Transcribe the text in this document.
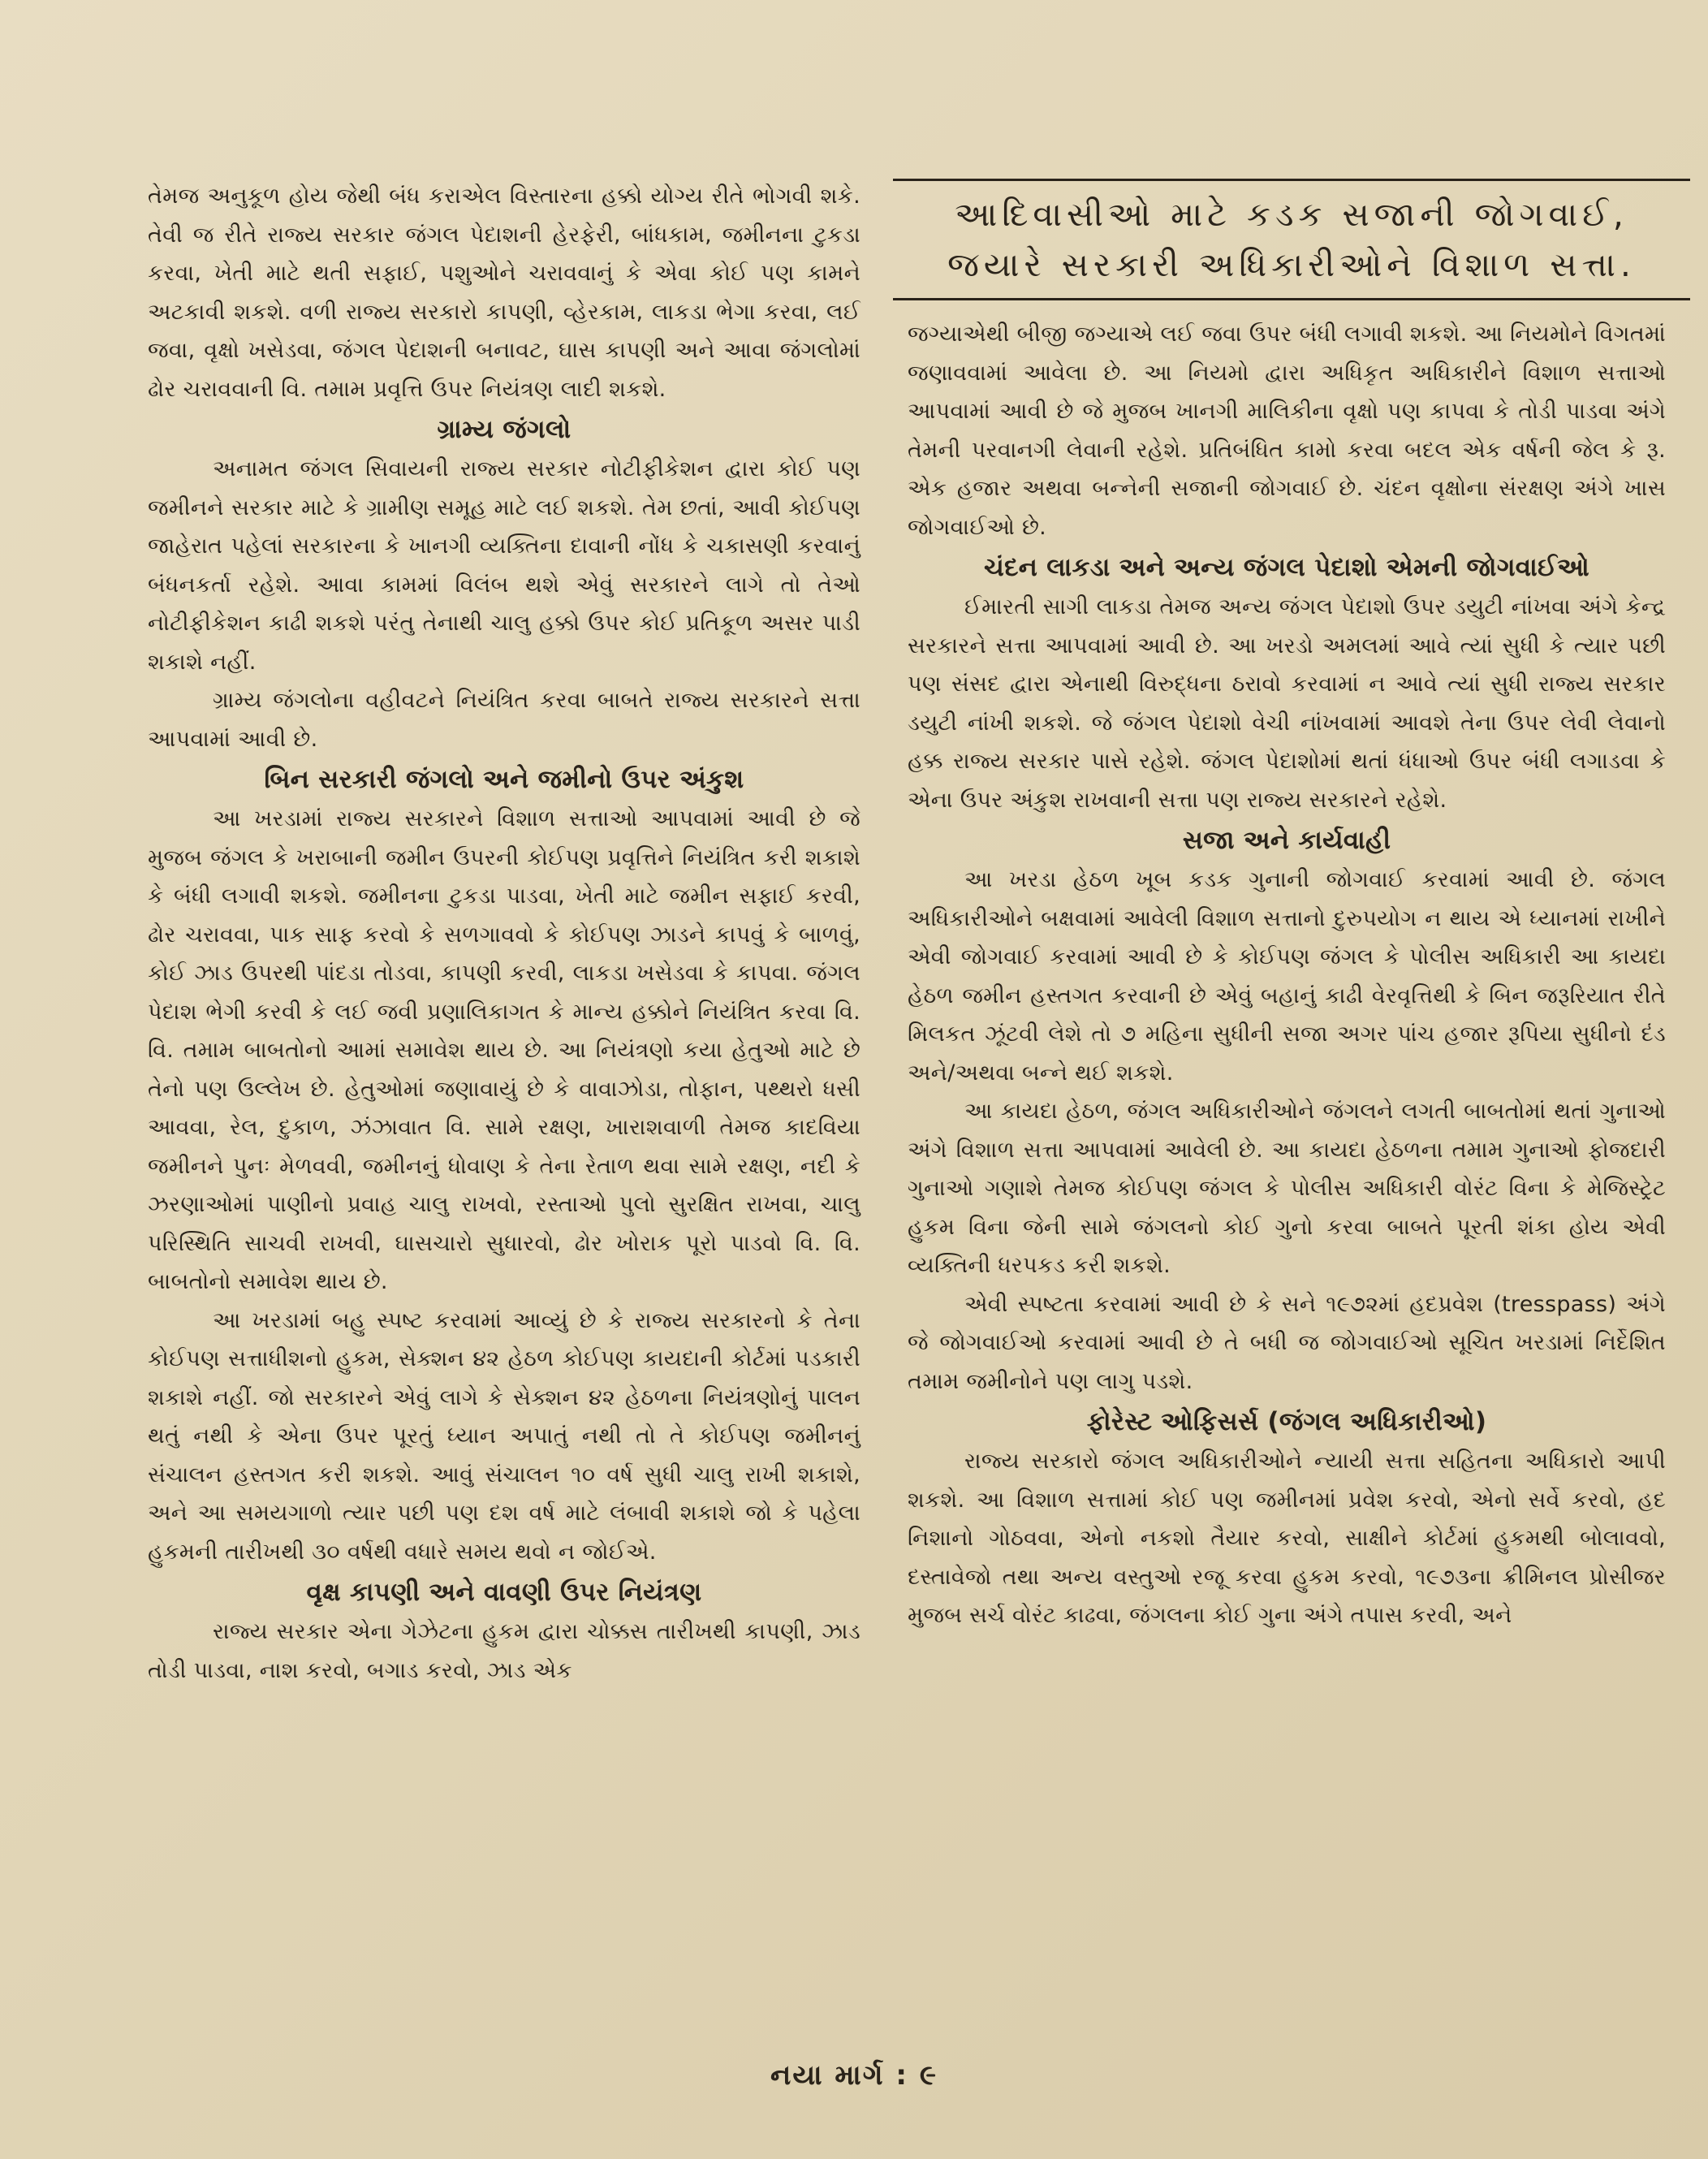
તેમજ અનુકૂળ હોય જેથી બંધ કરાએલ વિસ્તારના હક્કો યોગ્ય રીતે ભોગવી શકે. તેવી જ રીતે રાજ્ય સરકાર જંગલ પેદાશની હેરફેરી, બાંધકામ, જમીનના ટુકડા કરવા, ખેતી માટે થતી સફાઈ, પશુઓને ચરાવવાનું કે એવા કોઈ પણ કામને અટકાવી શકશે. વળી રાજ્ય સરકારો કાપણી, વ્હેરકામ, લાકડા ભેગા કરવા, લઈ જવા, વૃક્ષો ખસેડવા, જંગલ પેદાશની બનાવટ, ઘાસ કાપણી અને આવા જંગલોમાં ઢોર ચરાવવાની વિ. તમામ પ્રવૃત્તિ ઉપર નિયંત્રણ લાદી શકશે.

ગ્રામ્ય જંગલો

અનામત જંગલ સિવાયની રાજ્ય સરકાર નોટીફીકેશન દ્વારા કોઈ પણ જમીનને સરકાર માટે કે ગ્રામીણ સમૂહ માટે લઈ શકશે. તેમ છતાં, આવી કોઈપણ જાહેરાત પહેલાં સરકારના કે ખાનગી વ્યક્તિના દાવાની નોંધ કે ચકાસણી કરવાનું બંધનકર્તા રહેશે. આવા કામમાં વિલંબ થશે એવું સરકારને લાગે તો તેઓ નોટીફીકેશન કાઢી શકશે પરંતુ તેનાથી ચાલુ હક્કો ઉપર કોઈ પ્રતિકૂળ અસર પાડી શકાશે નહીં.

ગ્રામ્ય જંગલોના વહીવટને નિયંત્રિત કરવા બાબતે રાજ્ય સરકારને સત્તા આપવામાં આવી છે.

બિન સરકારી જંગલો અને જમીનો ઉપર અંકુશ

આ ખરડામાં રાજ્ય સરકારને વિશાળ સત્તાઓ આપવામાં આવી છે જે મુજબ જંગલ કે ખરાબાની જમીન ઉપરની કોઈપણ પ્રવૃત્તિને નિયંત્રિત કરી શકાશે કે બંધી લગાવી શકશે. જમીનના ટુકડા પાડવા, ખેતી માટે જમીન સફાઈ કરવી, ઢોર ચરાવવા, પાક સાફ કરવો કે સળગાવવો કે કોઈપણ ઝાડને કાપવું કે બાળવું, કોઈ ઝાડ ઉપરથી પાંદડા તોડવા, કાપણી કરવી, લાકડા ખસેડવા કે કાપવા. જંગલ પેદાશ ભેગી કરવી કે લઈ જવી પ્રણાલિકાગત કે માન્ય હક્કોને નિયંત્રિત કરવા વિ. વિ. તમામ બાબતોનો આમાં સમાવેશ થાય છે. આ નિયંત્રણો કયા હેતુઓ માટે છે તેનો પણ ઉલ્લેખ છે. હેતુઓમાં જણાવાયું છે કે વાવાઝોડા, તોફાન, પથ્થરો ધસી આવવા, રેલ, દુકાળ, ઝંઝાવાત વિ. સામે રક્ષણ, ખારાશવાળી તેમજ કાદવિયા જમીનને પુનઃ મેળવવી, જમીનનું ધોવાણ કે તેના રેતાળ થવા સામે રક્ષણ, નદી કે ઝરણાઓમાં પાણીનો પ્રવાહ ચાલુ રાખવો, રસ્તાઓ પુલો સુરક્ષિત રાખવા, ચાલુ પરિસ્થિતિ સાચવી રાખવી, ઘાસચારો સુધારવો, ઢોર ખોરાક પૂરો પાડવો વિ. વિ. બાબતોનો સમાવેશ થાય છે.

આ ખરડામાં બહુ સ્પષ્ટ કરવામાં આવ્યું છે કે રાજ્ય સરકારનો કે તેના કોઈપણ સત્તાધીશનો હુકમ, સેક્શન ૪૨ હેઠળ કોઈપણ કાયદાની કોર્ટમાં પડકારી શકાશે નહીં. જો સરકારને એવું લાગે કે સેક્શન ૪૨ હેઠળના નિયંત્રણોનું પાલન થતું નથી કે એના ઉપર પૂરતું ધ્યાન અપાતું નથી તો તે કોઈપણ જમીનનું સંચાલન હસ્તગત કરી શકશે. આવું સંચાલન ૧૦ વર્ષ સુધી ચાલુ રાખી શકાશે, અને આ સમયગાળો ત્યાર પછી પણ દશ વર્ષ માટે લંબાવી શકાશે જો કે પહેલા હુકમની તારીખથી ૩૦ વર્ષથી વધારે સમય થવો ન જોઈએ.

વૃક્ષ કાપણી અને વાવણી ઉપર નિયંત્રણ

રાજ્ય સરકાર એના ગેઝેટના હુકમ દ્વારા ચોક્કસ તારીખથી કાપણી, ઝાડ તોડી પાડવા, નાશ કરવો, બગાડ કરવો, ઝાડ એક

આદિવાસીઓ માટે કડક સજાની જોગવાઈ,
જયારે સરકારી અધિકારીઓને વિશાળ સત્તા.

જગ્યાએથી બીજી જગ્યાએ લઈ જવા ઉપર બંધી લગાવી શકશે. આ નિયમોને વિગતમાં જણાવવામાં આવેલા છે. આ નિયમો દ્વારા અધિકૃત અધિકારીને વિશાળ સત્તાઓ આપવામાં આવી છે જે મુજબ ખાનગી માલિકીના વૃક્ષો પણ કાપવા કે તોડી પાડવા અંગે તેમની પરવાનગી લેવાની રહેશે. પ્રતિબંધિત કામો કરવા બદલ એક વર્ષની જેલ કે રૂ. એક હજાર અથવા બન્નેની સજાની જોગવાઈ છે. ચંદન વૃક્ષોના સંરક્ષણ અંગે ખાસ જોગવાઈઓ છે.

ચંદન લાકડા અને અન્ય જંગલ પેદાશો એમની જોગવાઈઓ

ઈમારતી સાગી લાકડા તેમજ અન્ય જંગલ પેદાશો ઉપર ડયુટી નાંખવા અંગે કેન્દ્ર સરકારને સત્તા આપવામાં આવી છે. આ ખરડો અમલમાં આવે ત્યાં સુધી કે ત્યાર પછી પણ સંસદ દ્વારા એનાથી વિરુદ્ધના ઠરાવો કરવામાં ન આવે ત્યાં સુધી રાજ્ય સરકાર ડયુટી નાંખી શકશે. જે જંગલ પેદાશો વેચી નાંખવામાં આવશે તેના ઉપર લેવી લેવાનો હક્ક રાજ્ય સરકાર પાસે રહેશે. જંગલ પેદાશોમાં થતાં ધંધાઓ ઉપર બંધી લગાડવા કે એના ઉપર અંકુશ રાખવાની સત્તા પણ રાજ્ય સરકારને રહેશે.

સજા અને કાર્યવાહી

આ ખરડા હેઠળ ખૂબ કડક ગુનાની જોગવાઈ કરવામાં આવી છે. જંગલ અધિકારીઓને બક્ષવામાં આવેલી વિશાળ સત્તાનો દુરુપયોગ ન થાય એ ધ્યાનમાં રાખીને એવી જોગવાઈ કરવામાં આવી છે કે કોઈપણ જંગલ કે પોલીસ અધિકારી આ કાયદા હેઠળ જમીન હસ્તગત કરવાની છે એવું બહાનું કાઢી વેરવૃત્તિથી કે બિન જરૂરિયાત રીતે મિલકત ઝૂંટવી લેશે તો ૭ મહિના સુધીની સજા અગર પાંચ હજાર રૂપિયા સુધીનો દંડ અને/અથવા બન્ને થઈ શકશે.

આ કાયદા હેઠળ, જંગલ અધિકારીઓને જંગલને લગતી બાબતોમાં થતાં ગુનાઓ અંગે વિશાળ સત્તા આપવામાં આવેલી છે. આ કાયદા હેઠળના તમામ ગુનાઓ ફોજદારી ગુનાઓ ગણાશે તેમજ કોઈપણ જંગલ કે પોલીસ અધિકારી વોરંટ વિના કે મેજિસ્ટ્રેટ હુકમ વિના જેની સામે જંગલનો કોઈ ગુનો કરવા બાબતે પૂરતી શંકા હોય એવી વ્યક્તિની ધરપકડ કરી શકશે.

એવી સ્પષ્ટતા કરવામાં આવી છે કે સને ૧૯૭૨માં હદપ્રવેશ (tresspass) અંગે જે જોગવાઈઓ કરવામાં આવી છે તે બધી જ જોગવાઈઓ સૂચિત ખરડામાં નિર્દેશિત તમામ જમીનોને પણ લાગુ પડશે.

ફોરેસ્ટ ઓફિસર્સ (જંગલ અધિકારીઓ)

રાજ્ય સરકારો જંગલ અધિકારીઓને ન્યાયી સત્તા સહિતના અધિકારો આપી શકશે. આ વિશાળ સત્તામાં કોઈ પણ જમીનમાં પ્રવેશ કરવો, એનો સર્વે કરવો, હદ નિશાનો ગોઠવવા, એનો નકશો તૈયાર કરવો, સાક્ષીને કોર્ટમાં હુકમથી બોલાવવો, દસ્તાવેજો તથા અન્ય વસ્તુઓ રજૂ કરવા હુકમ કરવો, ૧૯૭૩ના ક્રીમિનલ પ્રોસીજર મુજબ સર્ચ વોરંટ કાઢવા, જંગલના કોઈ ગુના અંગે તપાસ કરવી, અને

નયા માર્ગ : ૯
